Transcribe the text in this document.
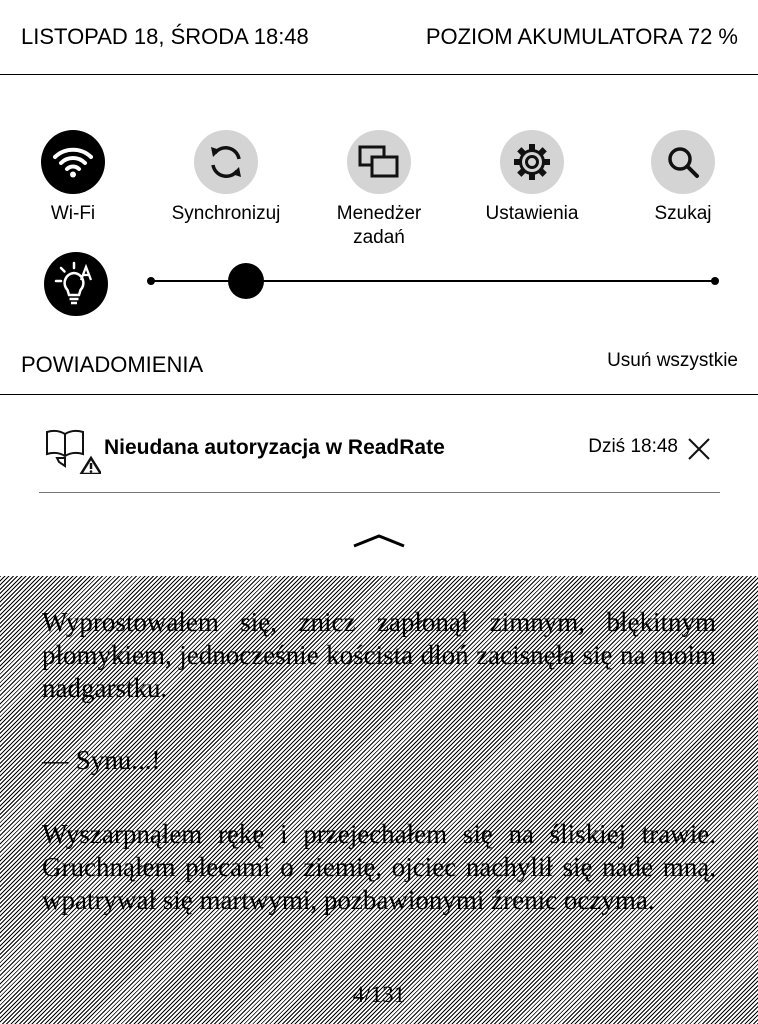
LISTOPAD 18, ŚRODA 18:48	POZIOM AKUMULATORA 72 %
Wi-Fi	Synchronizuj	Menedżer
zadań
Ustawienia	Szukaj
POWIADOMIENIA	Usuń wszystkie
Nieudana autoryzacja w ReadRate	Dziś 18:48

Wyprostowałem się, znicz zapłonął zimnym, błękitnym płomykiem, jednocześnie koścista dłoń zacisnęła się na moim nadgarstku.

— Synu...!

Wyszarpnąłem rękę i przejechałem się na śliskiej trawie. Gruchnąłem plecami o ziemię, ojciec nachylił się nade mną, wpatrywał się martwymi, pozbawionymi źrenic oczyma.

4/131
